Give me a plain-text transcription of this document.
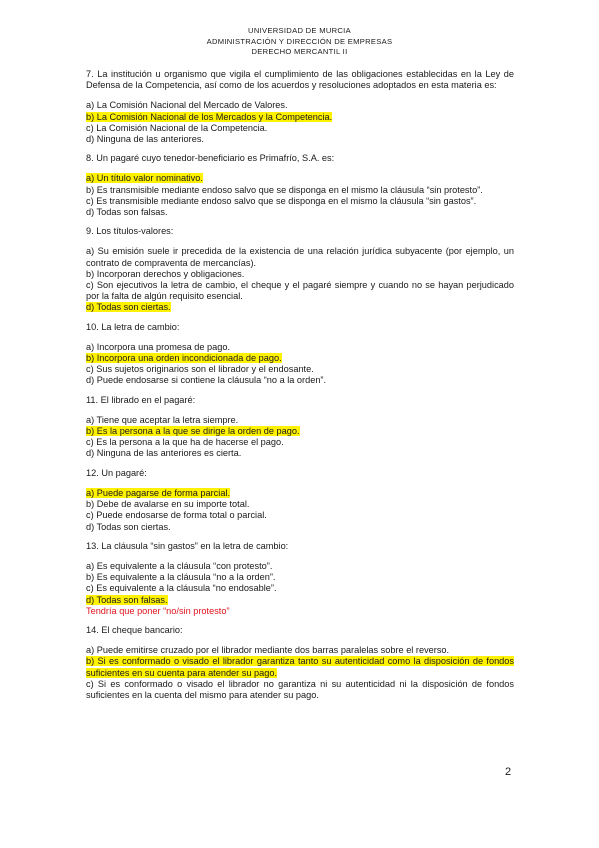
UNIVERSIDAD DE MURCIA
ADMINISTRACIÓN Y DIRECCIÓN DE EMPRESAS
DERECHO MERCANTIL II

7. La institución u organismo que vigila el cumplimiento de las obligaciones establecidas en la Ley de Defensa de la Competencia, así como de los acuerdos y resoluciones adoptados en esta materia es:

a) La Comisión Nacional del Mercado de Valores.

b) La Comisión Nacional de los Mercados y la Competencia.

c) La Comisión Nacional de la Competencia.

d) Ninguna de las anteriores.

8. Un pagaré cuyo tenedor-beneficiario es Primafrío, S.A. es:

a) Un título valor nominativo.

b) Es transmisible mediante endoso salvo que se disponga en el mismo la cláusula “sin protesto”.

c) Es transmisible mediante endoso salvo que se disponga en el mismo la cláusula “sin gastos”.

d) Todas son falsas.

9. Los títulos-valores:

a) Su emisión suele ir precedida de la existencia de una relación jurídica subyacente (por ejemplo, un contrato de compraventa de mercancías).

b) Incorporan derechos y obligaciones.

c) Son ejecutivos la letra de cambio, el cheque y el pagaré siempre y cuando no se hayan perjudicado por la falta de algún requisito esencial.

d) Todas son ciertas.

10. La letra de cambio:

a) Incorpora una promesa de pago.

b) Incorpora una orden incondicionada de pago.

c) Sus sujetos originarios son el librador y el endosante.

d) Puede endosarse si contiene la cláusula “no a la orden”.

11. El librado en el pagaré:

a) Tiene que aceptar la letra siempre.

b) Es la persona a la que se dirige la orden de pago.

c) Es la persona a la que ha de hacerse el pago.

d) Ninguna de las anteriores es cierta.

12. Un pagaré:

a) Puede pagarse de forma parcial.

b) Debe de avalarse en su importe total.

c) Puede endosarse de forma total o parcial.

d) Todas son ciertas.

13. La cláusula “sin gastos” en la letra de cambio:

a) Es equivalente a la cláusula “con protesto”.

b) Es equivalente a la cláusula “no a la orden”.

c) Es equivalente a la cláusula “no endosable”.

d) Todas son falsas.

Tendría que poner “no/sin protesto”

14. El cheque bancario:

a) Puede emitirse cruzado por el librador mediante dos barras paralelas sobre el reverso.

b) Si es conformado o visado el librador garantiza tanto su autenticidad como la disposición de fondos suficientes en su cuenta para atender su pago.

c) Si es conformado o visado el librador no garantiza ni su autenticidad ni la disposición de fondos suficientes en la cuenta del mismo para atender su pago.

2
